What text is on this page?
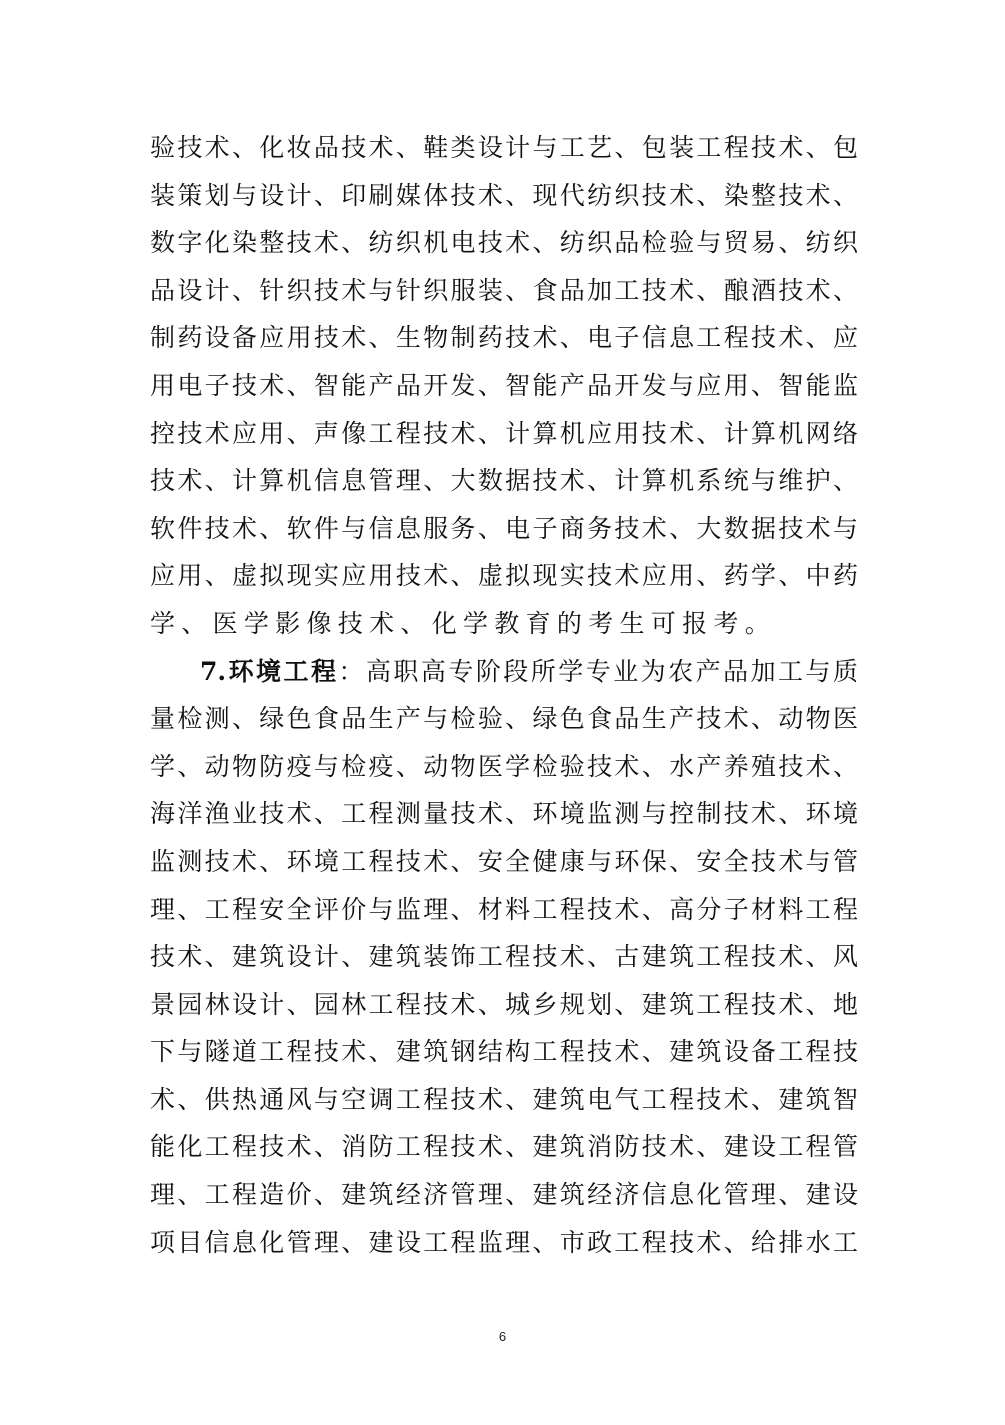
验技术、化妆品技术、鞋类设计与工艺、包装工程技术、包
装策划与设计、印刷媒体技术、现代纺织技术、染整技术、
数字化染整技术、纺织机电技术、纺织品检验与贸易、纺织
品设计、针织技术与针织服装、食品加工技术、酿酒技术、
制药设备应用技术、生物制药技术、电子信息工程技术、应
用电子技术、智能产品开发、智能产品开发与应用、智能监
控技术应用、声像工程技术、计算机应用技术、计算机网络
技术、计算机信息管理、大数据技术、计算机系统与维护、
软件技术、软件与信息服务、电子商务技术、大数据技术与
应用、虚拟现实应用技术、虚拟现实技术应用、药学、中药
学、医学影像技术、化学教育的考生可报考。
7.环境工程：高职高专阶段所学专业为农产品加工与质
量检测、绿色食品生产与检验、绿色食品生产技术、动物医
学、动物防疫与检疫、动物医学检验技术、水产养殖技术、
海洋渔业技术、工程测量技术、环境监测与控制技术、环境
监测技术、环境工程技术、安全健康与环保、安全技术与管
理、工程安全评价与监理、材料工程技术、高分子材料工程
技术、建筑设计、建筑装饰工程技术、古建筑工程技术、风
景园林设计、园林工程技术、城乡规划、建筑工程技术、地
下与隧道工程技术、建筑钢结构工程技术、建筑设备工程技
术、供热通风与空调工程技术、建筑电气工程技术、建筑智
能化工程技术、消防工程技术、建筑消防技术、建设工程管
理、工程造价、建筑经济管理、建筑经济信息化管理、建设
项目信息化管理、建设工程监理、市政工程技术、给排水工
6
